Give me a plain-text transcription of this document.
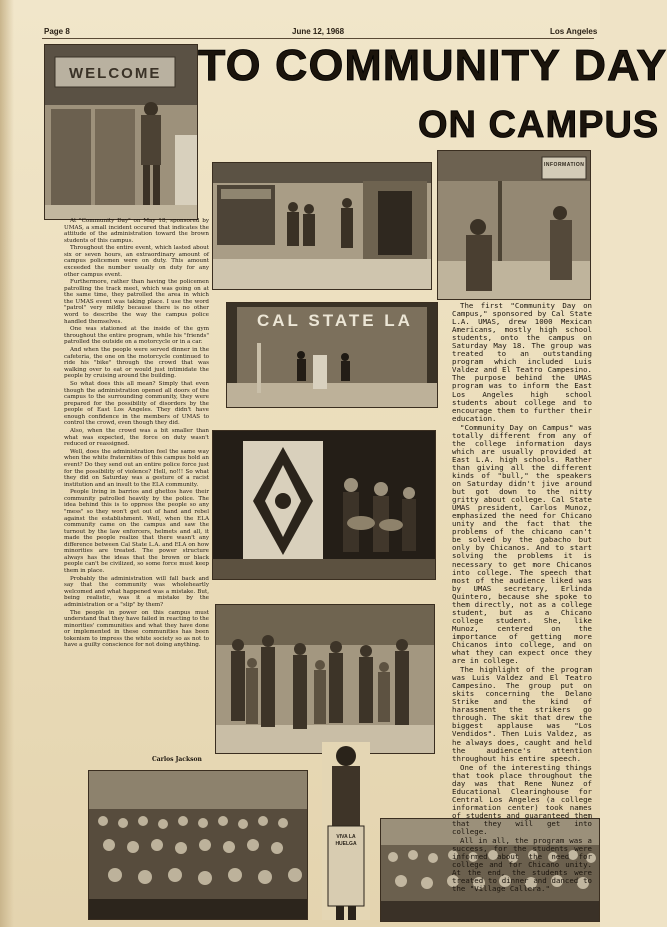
Page 8	June 12, 1968	Los Angeles
TO COMMUNITY DAY
ON CAMPUS
WELCOME
INFORMATION
CAL STATE LA
VIVA LA HUELGA

At "Community Day" on May 18, sponsored by UMAS, a small incident occured that indicates the attitude of the administration toward the brown students of this campus.

Throughout the entire event, which lasted about six or seven hours, an extraordinary amount of campus policemen were on duty. This amount exceeded the number usually on duty for any other campus event.

Furthermore, rather than having the policemen patrolling the track meet, which was going on at the same time, they patrolled the area in which the UMAS event was taking place. I use the word "patrol" very mildly because there is no other word to describe the way the campus police handled themselves.

One was stationed at the inside of the gym throughout the entire program, while his "friends" patrolled the outside on a motorcycle or in a car.

And when the people were served dinner in the cafeteria, the one on the motorcycle continued to ride his "bike" through the crowd that was walking over to eat or would just intimidate the people by cruising around the building.

So what does this all mean? Simply that even though the administration opened all doors of the campus to the surrounding community, they were prepared for the possibility of disorders by the people of East Los Angeles. They didn't have enough confidence in the members of UMAS to control the crowd, even though they did.

Also, when the crowd was a bit smaller than what was expected, the force on duty wasn't reduced or reassigned.

Well, does the administration feel the same way when the white fraternities of this campus hold an event? Do they send out an entire police force just for the possibility of violence? Hell, no!!! So what they did on Saturday was a gesture of a racist institution and an insult to the ELA community.

People living in barrios and ghettos have their community patrolled heavily by the police. The idea behind this is to oppress the people so any "mess" so they won't get out of hand and rebel against the establishment. Well, when the ELA community came on the campus and saw the turnout by the law enforcers, helmets and all, it made the people realize that there wasn't any difference between Cal State L.A. and ELA on how minorities are treated. The power structure always has the ideas that the brown or black people can't be civilized, so some force must keep them in place.

Probably the administration will fall back and say that the community was wholeheartly welcomed and what happened was a mistake. But, being realistic, was it a mistake by the administration or a "slip" by them?

The people in power on this campus must understand that they have failed in reacting to the minorities' communities and what they have done or implemented in these communities has been tokenism to impress the white society so as not to have a guilty conscience for not doing anything.

Carlos Jackson

The first "Community Day on Campus," sponsored by Cal State L.A. UMAS, drew 1000 Mexican Americans, mostly high school students, onto the campus on Saturday May 18. The group was treated to an outstanding program which included Luis Valdez and El Teatro Campesino. The purpose behind the UMAS program was to inform the East Los Angeles high school students about college and to encourage them to further their education.

"Community Day on Campus" was totally different from any of the college information days which are usually provided at East L.A. high schools. Rather than giving all the different kinds of "bull," the speakers on Saturday didn't jive around but got down to the nitty gritty about college. Cal State UMAS president, Carlos Munoz, emphasized the need for Chicano unity and the fact that the problems of the chicano can't be solved by the gabacho but only by Chicanos. And to start solving the problems it is necessary to get more Chicanos into college. The speech that most of the audience liked was by UMAS secretary, Erlinda Quintero, because she spoke to them directly, not as a college student, but as a Chicano college student. She, like Munoz, centered on the importance of getting more Chicanos into college, and on what they can expect once they are in college.

The highlight of the program was Luis Valdez and El Teatro Campesino. The group put on skits concerning the Delano Strike and the kind of harassment the strikers go through. The skit that drew the biggest applause was "Los Vendidos". Then Luis Valdez, as he always does, caught and held the audience's attention throughout his entire speech.

One of the interesting things that took place throughout the day was that Rene Nunez of Educational Clearinghouse for Central Los Angeles (a college information center) took names of students and guaranteed them that they will get into college.

All in all, the program was a success, for the students were informed about the need for college and for Chicano unity. At the end, the students were treated to dinner and danced to the "Village Callera."
